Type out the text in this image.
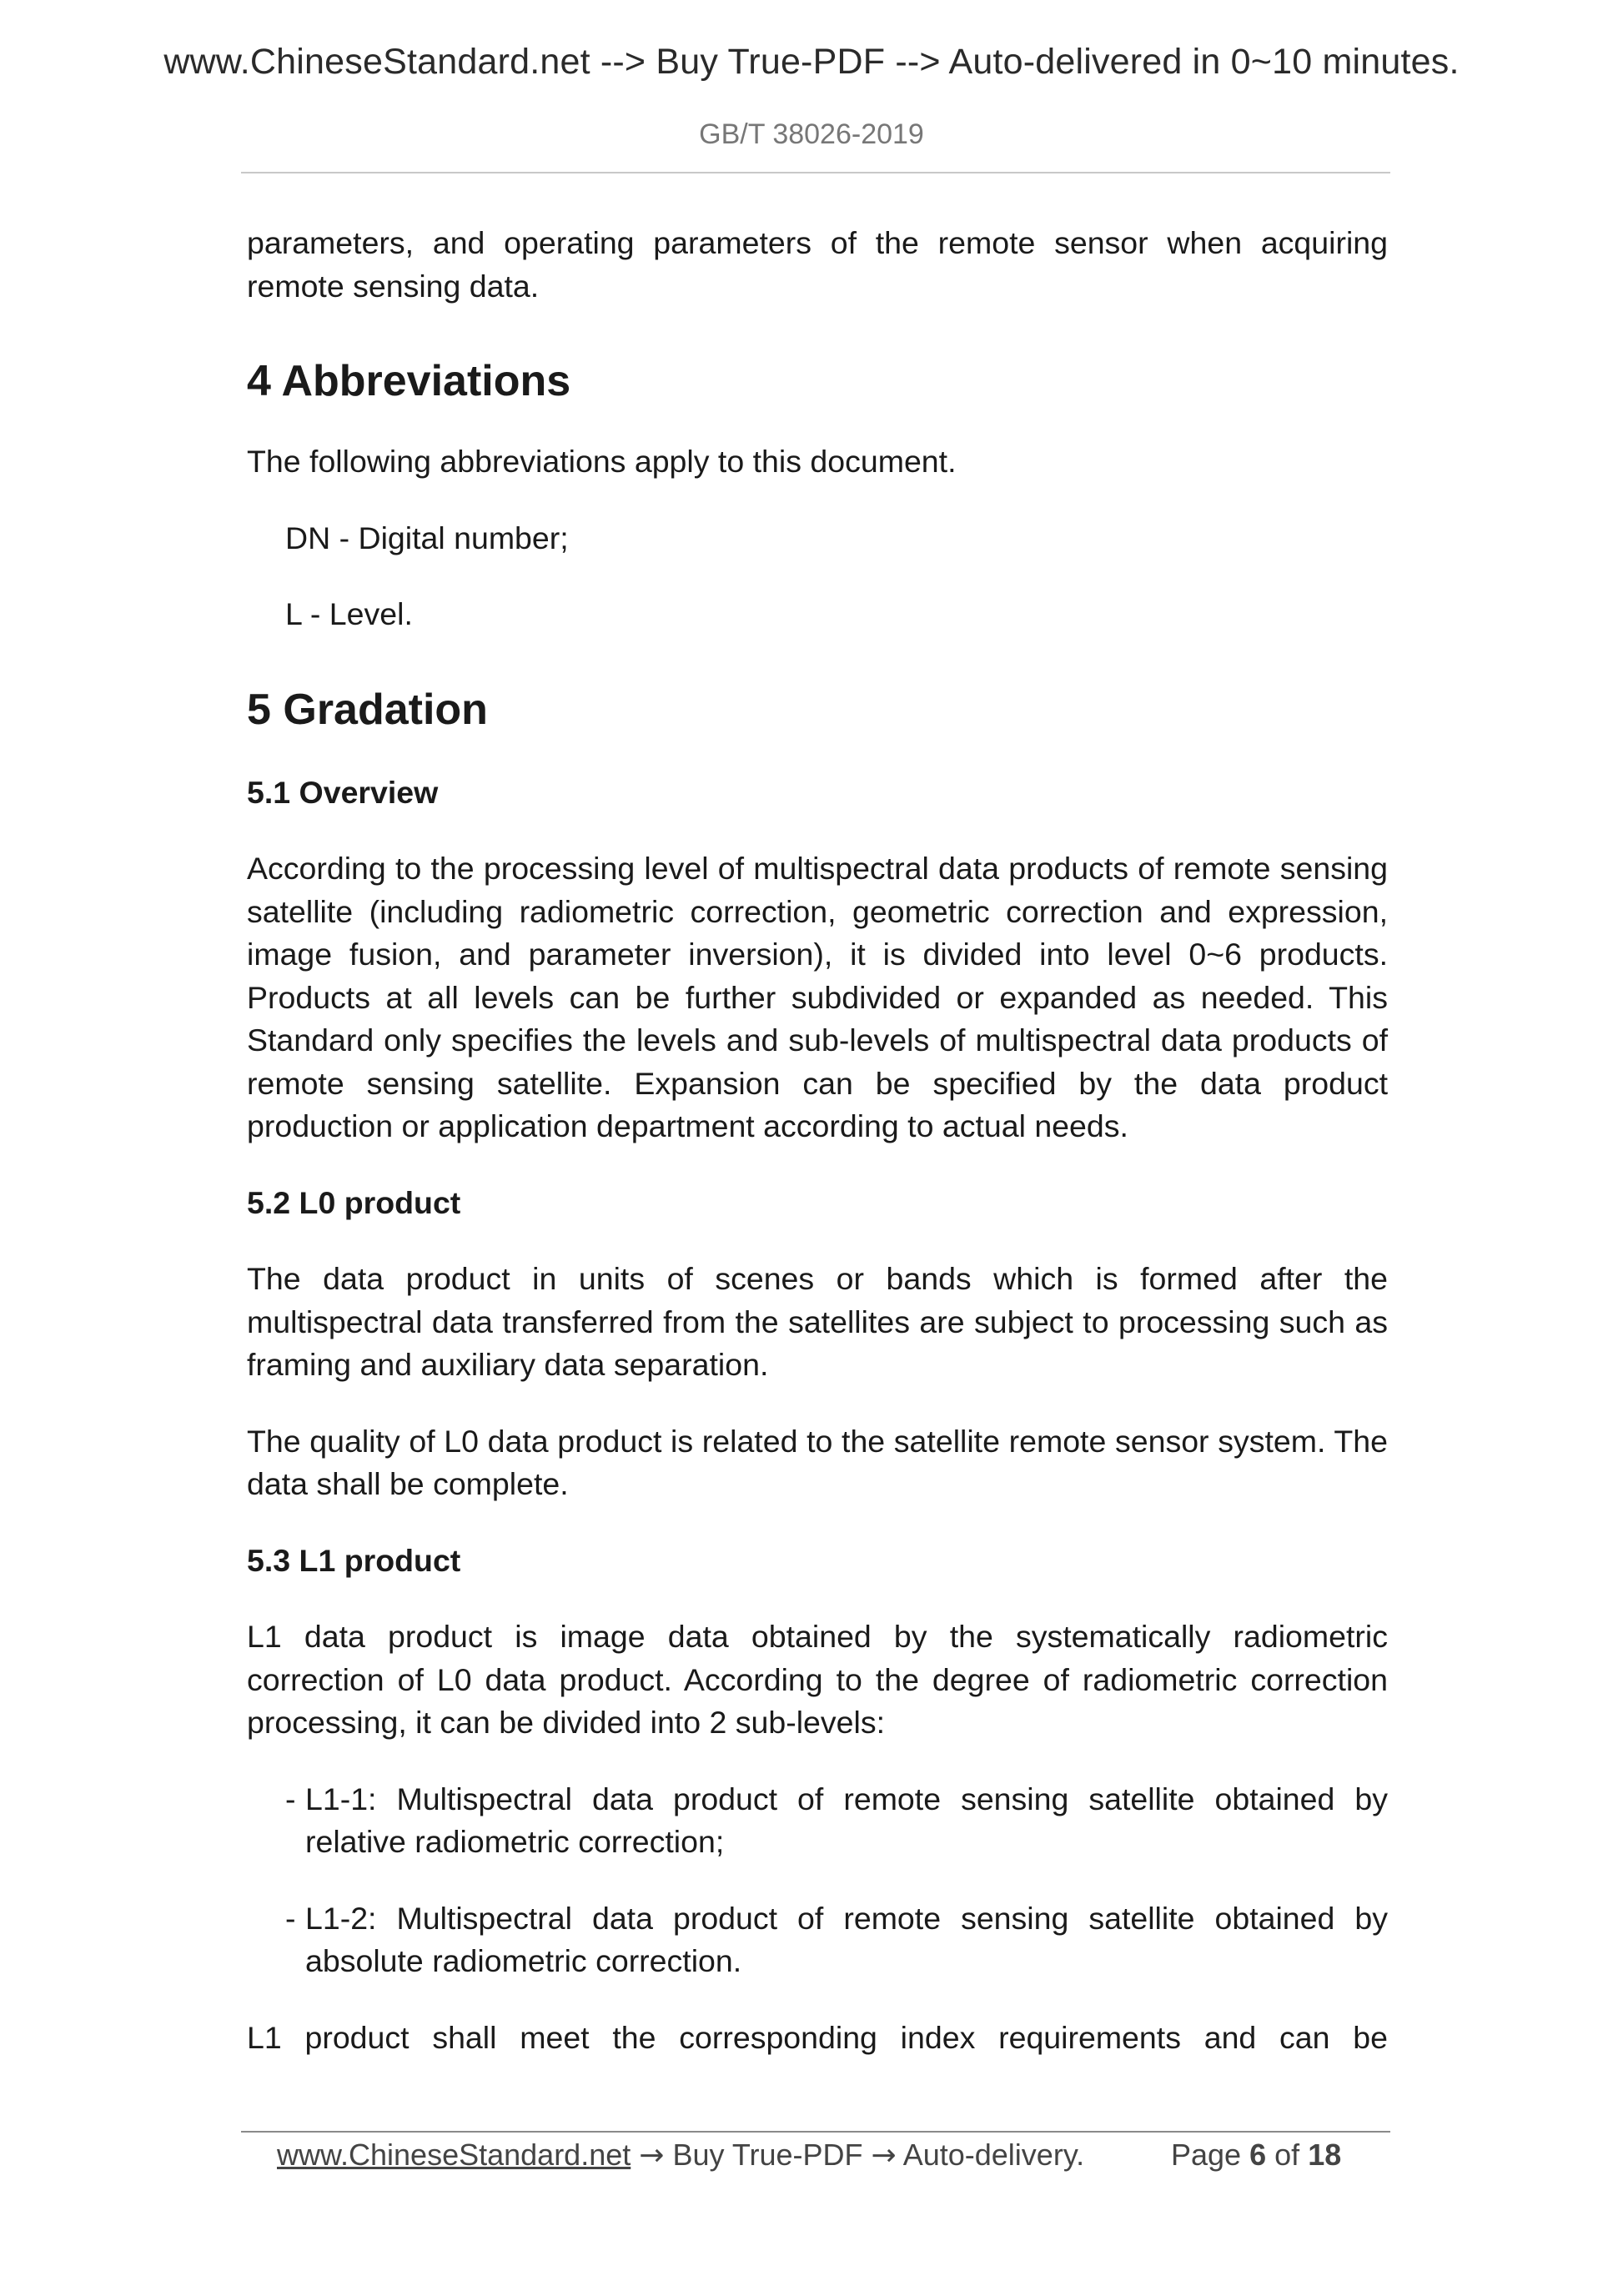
www.ChineseStandard.net --> Buy True-PDF --> Auto-delivered in 0~10 minutes.
GB/T 38026-2019

parameters, and operating parameters of the remote sensor when acquiring remote sensing data.

4 Abbreviations

The following abbreviations apply to this document.

DN - Digital number;

L - Level.

5 Gradation
5.1 Overview

According to the processing level of multispectral data products of remote sensing satellite (including radiometric correction, geometric correction and expression, image fusion, and parameter inversion), it is divided into level 0~6 products. Products at all levels can be further subdivided or expanded as needed. This Standard only specifies the levels and sub-levels of multispectral data products of remote sensing satellite. Expansion can be specified by the data product production or application department according to actual needs.

5.2 L0 product

The data product in units of scenes or bands which is formed after the multispectral data transferred from the satellites are subject to processing such as framing and auxiliary data separation.

The quality of L0 data product is related to the satellite remote sensor system. The data shall be complete.

5.3 L1 product

L1 data product is image data obtained by the systematically radiometric correction of L0 data product. According to the degree of radiometric correction processing, it can be divided into 2 sub-levels:

- L1-1: Multispectral data product of remote sensing satellite obtained by relative radiometric correction;

- L1-2: Multispectral data product of remote sensing satellite obtained by absolute radiometric correction.

L1 product shall meet the corresponding index requirements and can be

www.ChineseStandard.net → Buy True-PDF → Auto-delivery.	Page 6 of 18
